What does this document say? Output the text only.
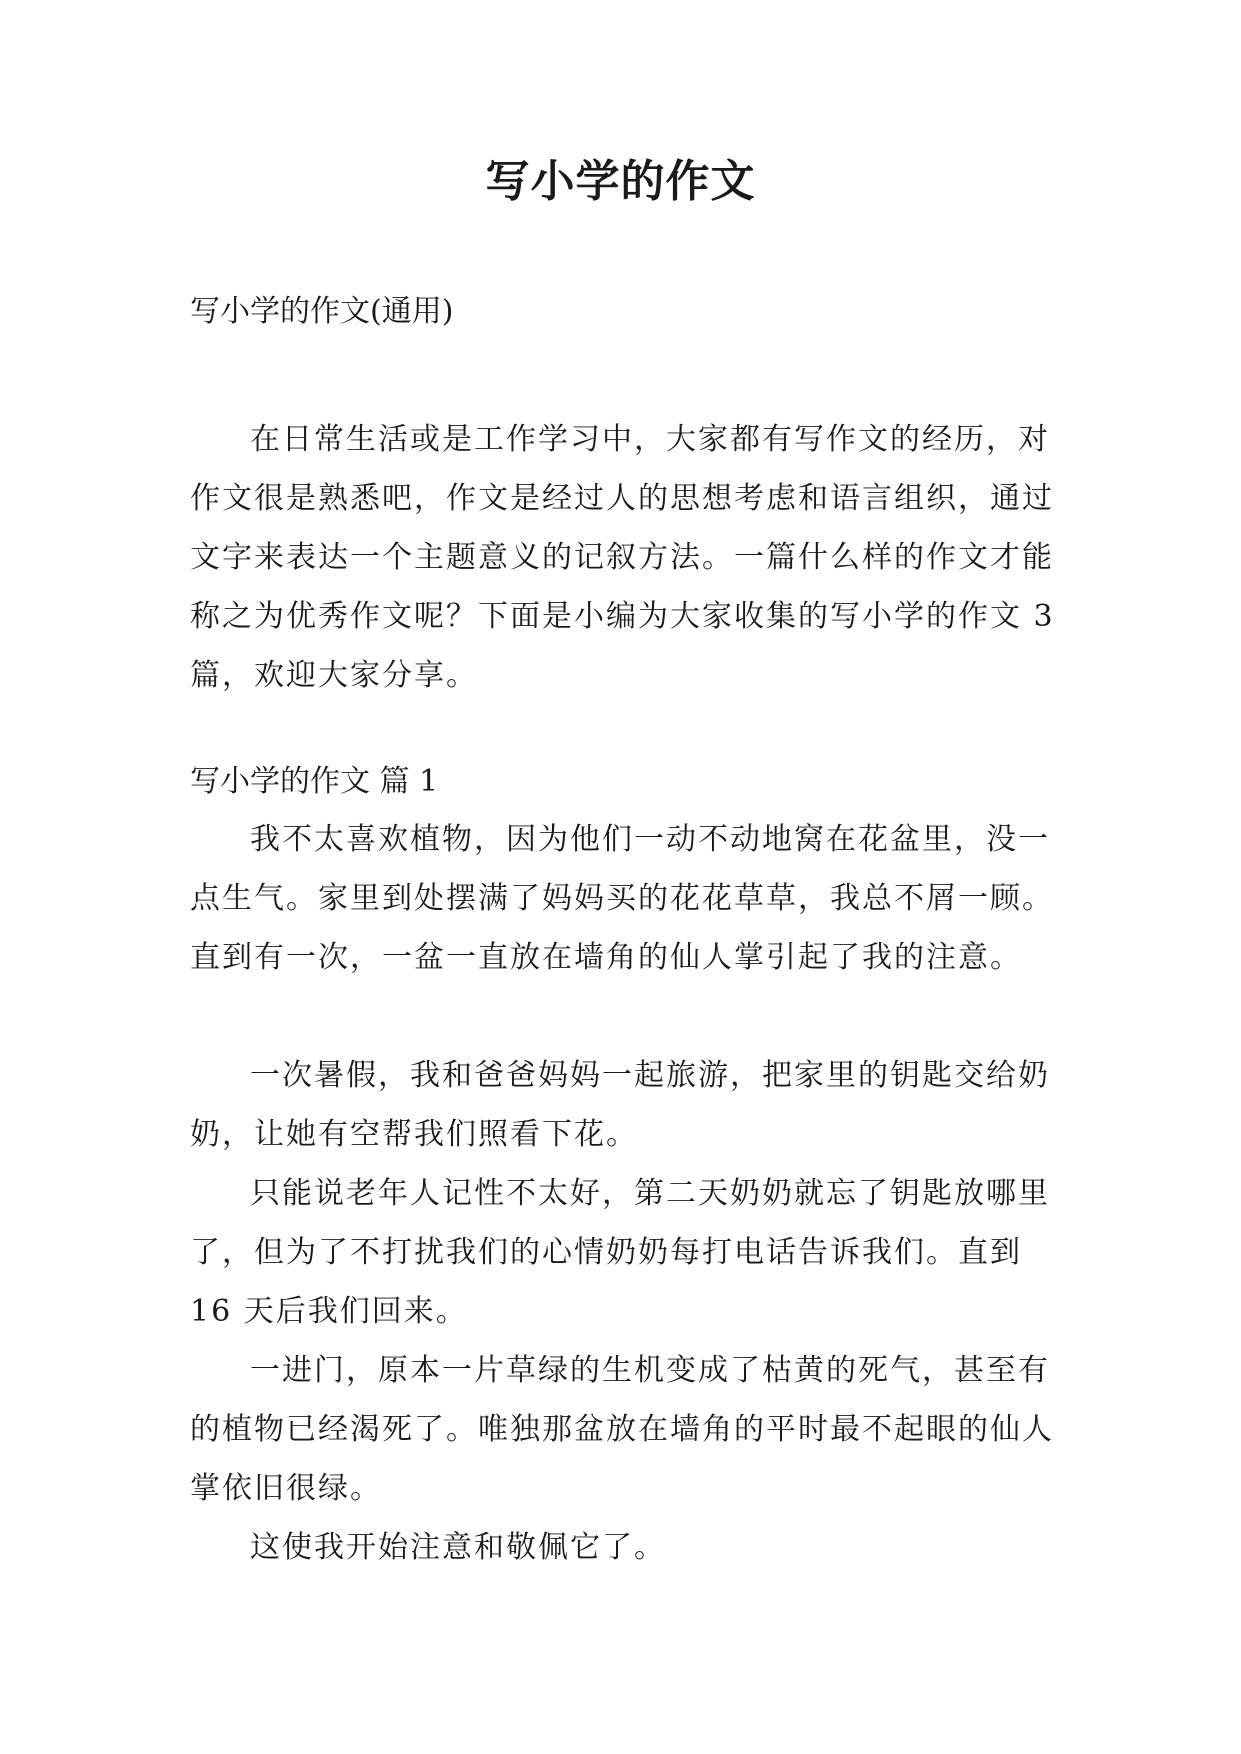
写小学的作文
写小学的作文(通用)

在日常生活或是工作学习中，大家都有写作文的经历，对作文很是熟悉吧，作文是经过人的思想考虑和语言组织，通过文字来表达一个主题意义的记叙方法。一篇什么样的作文才能称之为优秀作文呢？下面是小编为大家收集的写小学的作文 3 篇，欢迎大家分享。

写小学的作文 篇 1

我不太喜欢植物，因为他们一动不动地窝在花盆里，没一点生气。家里到处摆满了妈妈买的花花草草，我总不屑一顾。直到有一次，一盆一直放在墙角的仙人掌引起了我的注意。

一次暑假，我和爸爸妈妈一起旅游，把家里的钥匙交给奶奶，让她有空帮我们照看下花。

只能说老年人记性不太好，第二天奶奶就忘了钥匙放哪里了，但为了不打扰我们的心情奶奶每打电话告诉我们。直到 16 天后我们回来。

一进门，原本一片草绿的生机变成了枯黄的死气，甚至有的植物已经渴死了。唯独那盆放在墙角的平时最不起眼的仙人掌依旧很绿。

这使我开始注意和敬佩它了。
